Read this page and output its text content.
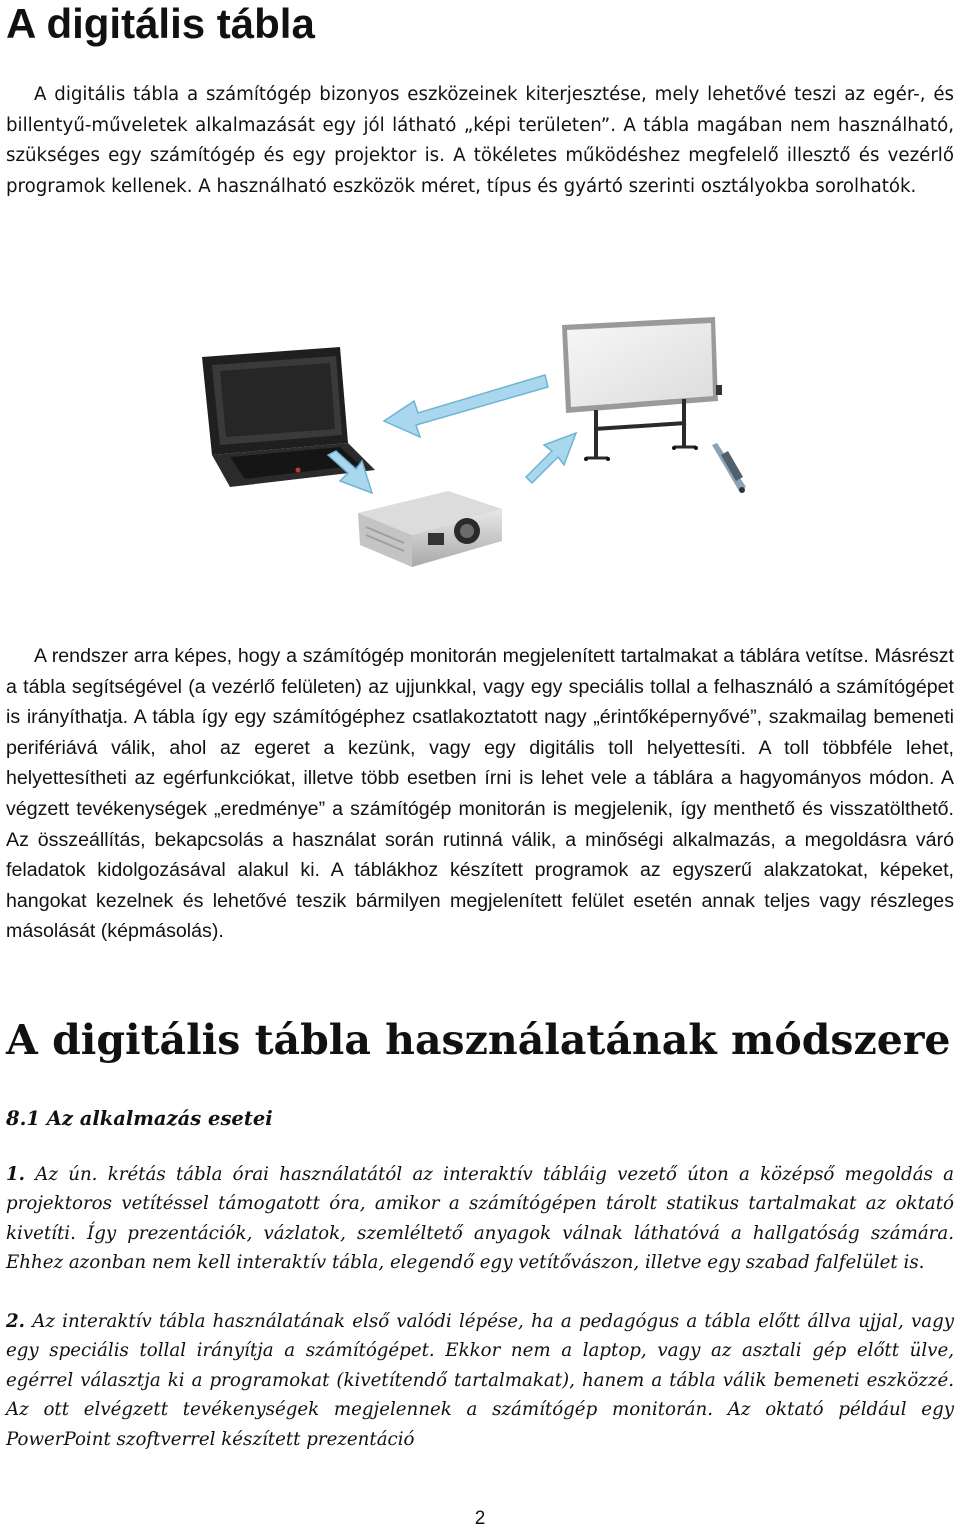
A digitális tábla

A digitális tábla a számítógép bizonyos eszközeinek kiterjesztése, mely lehetővé teszi az egér-, és billentyű-műveletek alkalmazását egy jól látható „képi területen”. A tábla magában nem használható, szükséges egy számítógép és egy projektor is. A tökéletes működéshez megfelelő illesztő és vezérlő programok kellenek. A használható eszközök méret, típus és gyártó szerinti osztályokba sorolhatók.

A rendszer arra képes, hogy a számítógép monitorán megjelenített tartalmakat a táblára vetítse. Másrészt a tábla segítségével (a vezérlő felületen) az ujjunkkal, vagy egy speciális tollal a felhasználó a számítógépet is irányíthatja. A tábla így egy számítógéphez csatlakoztatott nagy „érintőképernyővé”, szakmailag bemeneti perifériává válik, ahol az egeret a kezünk, vagy egy digitális toll helyettesíti. A toll többféle lehet, helyettesítheti az egérfunkciókat, illetve több esetben írni is lehet vele a táblára a hagyományos módon. A végzett tevékenységek „eredménye” a számítógép monitorán is megjelenik, így menthető és visszatölthető. Az összeállítás, bekapcsolás a használat során rutinná válik, a minőségi alkalmazás, a megoldásra váró feladatok kidolgozásával alakul ki. A táblákhoz készített programok az egyszerű alakzatokat, képeket, hangokat kezelnek és lehetővé teszik bármilyen megjelenített felület esetén annak teljes vagy részleges másolását (képmásolás).

A digitális tábla használatának módszere
8.1 Az alkalmazás esetei

1. Az ún. krétás tábla órai használatától az interaktív tábláig vezető úton a középső megoldás a projektoros vetítéssel támogatott óra, amikor a számítógépen tárolt statikus tartalmakat az oktató kivetíti. Így prezentációk, vázlatok, szemléltető anyagok válnak láthatóvá a hallgatóság számára. Ehhez azonban nem kell interaktív tábla, elegendő egy vetítővászon, illetve egy szabad falfelület is.

2. Az interaktív tábla használatának első valódi lépése, ha a pedagógus a tábla előtt állva ujjal, vagy egy speciális tollal irányítja a számítógépet. Ekkor nem a laptop, vagy az asztali gép előtt ülve, egérrel választja ki a programokat (kivetítendő tartalmakat), hanem a tábla válik bemeneti eszközzé. Az ott elvégzett tevékenységek megjelennek a számítógép monitorán. Az oktató például egy PowerPoint szoftverrel készített prezentáció

2
